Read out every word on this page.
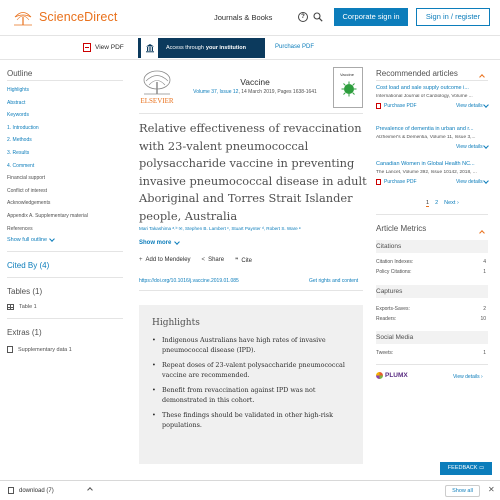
ScienceDirect	Journals & Books	?	Corporate sign in	Sign in / register
View PDF	Access through your institution	Purchase PDF
Outline
Highlights
Abstract
Keywords
1. Introduction
2. Methods
3. Results
4. Comment
Financial support
Conflict of interest
Acknowledgements
Appendix A. Supplementary material
References
Show full outline
Cited By (4)
Tables (1)
Table 1
Extras (1)
Supplementary data 1
ELSEVIER
Vaccine
Volume 37, Issue 12, 14 March 2019, Pages 1638-1641
Vaccine
Relative effectiveness of revaccination with 23-valent pneumococcal polysaccharide vaccine in preventing invasive pneumococcal disease in adult Aboriginal and Torres Strait Islander people, Australia
Mari Takashima ᵃ˒ᵇ ✉, Stephen B. Lambert ᶜ, Stuart Paynter ᵈ, Robert S. Ware ᵉ
Show more
+ Add to Mendeley < Share ❞ Cite
https://doi.org/10.1016/j.vaccine.2019.01.085	Get rights and content
Highlights
• Indigenous Australians have high rates of invasive pneumococcal disease (IPD).
• Repeat doses of 23-valent polysaccharide pneumococcal vaccine are recommended.
• Benefit from revaccination against IPD was not demonstrated in this cohort.
• These findings should be validated in other high-risk populations.
Recommended articles
Cost load and sale supply outcome i...
International Journal of Cardiology, Volume ...
Purchase PDF	View details
Prevalence of dementia in urban and r...
Alzheimer's & Dementia, Volume 11, Issue 3,...
View details
Canadian Women in Global Health NC...
The Lancet, Volume 392, Issue 10142, 2018, ...
Purchase PDF	View details
1 2 Next ›
Article Metrics
Citations
Citation Indexes:	4
Policy Citations:	1
Captures
Exports-Saves:	2
Readers:	10
Social Media
Tweets:	1
PLUMX	View details ›
FEEDBACK ▭
download (7)	Show all	✕
